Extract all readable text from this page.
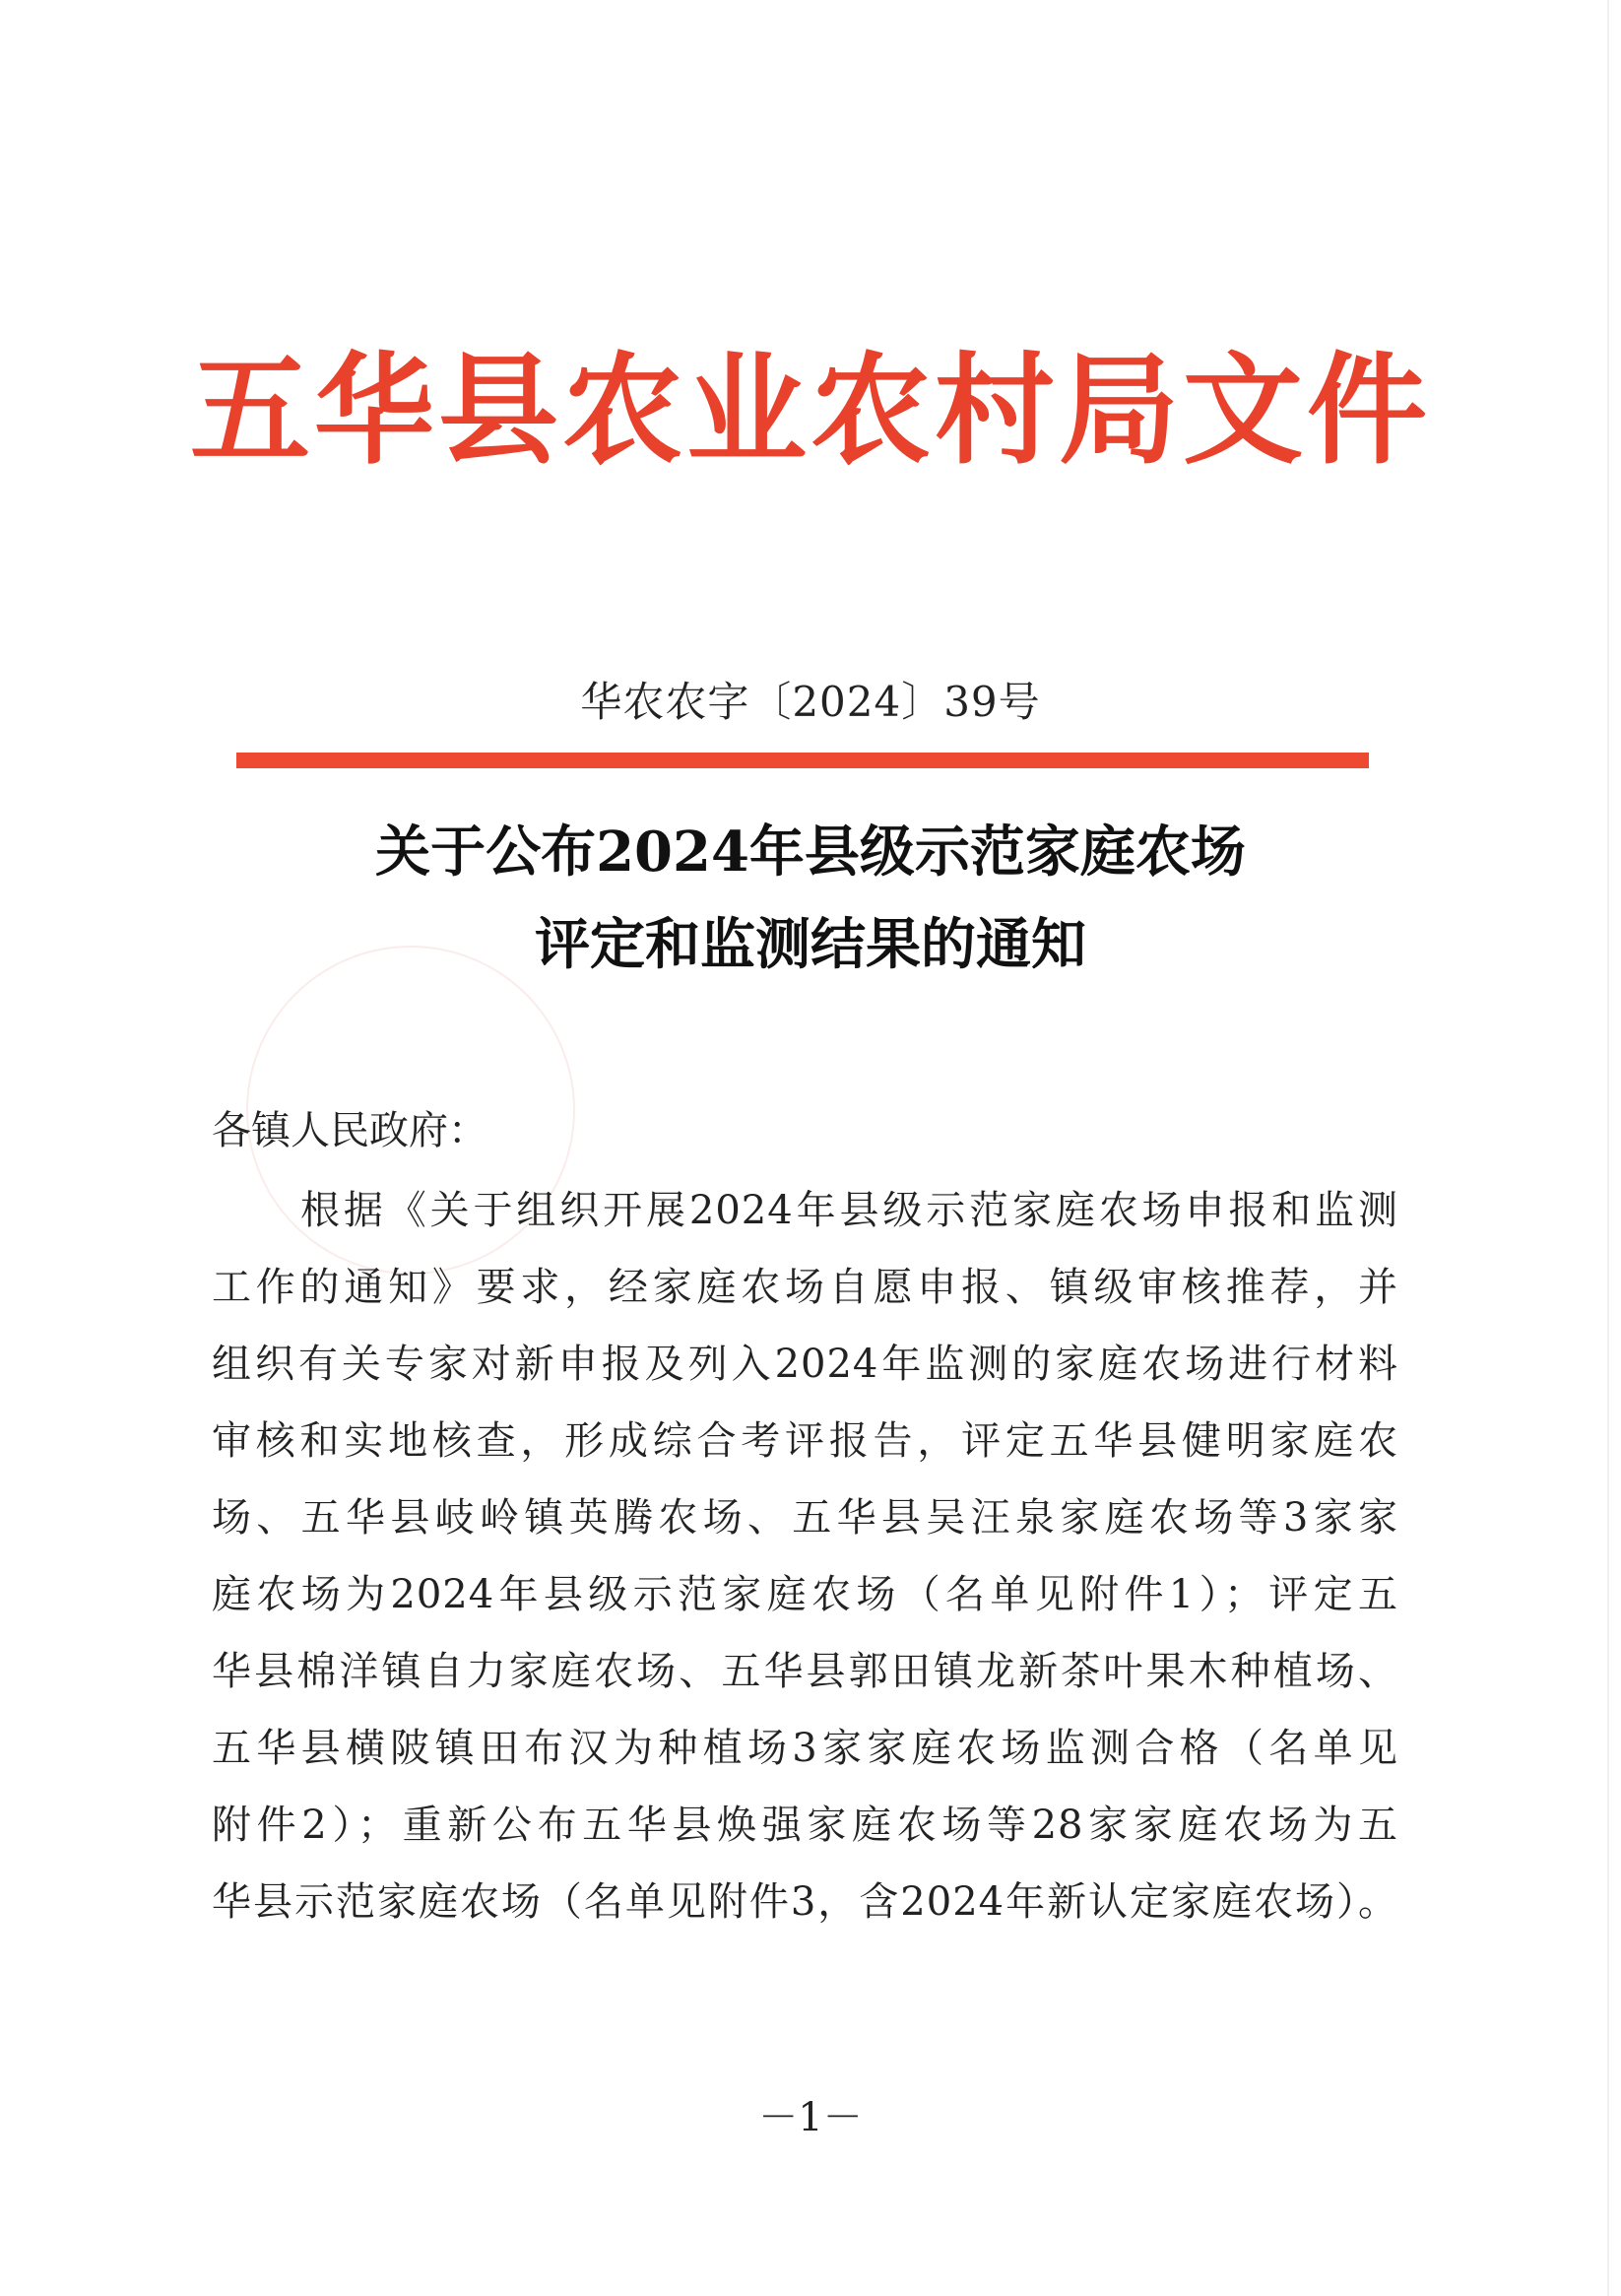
五华县农业农村局文件
华农农字〔2024〕39号
关于公布2024年县级示范家庭农场
评定和监测结果的通知
各镇人民政府：
根据《关于组织开展2024年县级示范家庭农场申报和监测
工作的通知》要求，经家庭农场自愿申报、镇级审核推荐，并
组织有关专家对新申报及列入2024年监测的家庭农场进行材料
审核和实地核查，形成综合考评报告，评定五华县健明家庭农
场、五华县岐岭镇英腾农场、五华县吴汪泉家庭农场等3家家
庭农场为2024年县级示范家庭农场（名单见附件1）；评定五
华县棉洋镇自力家庭农场、五华县郭田镇龙新茶叶果木种植场、
五华县横陂镇田布汉为种植场3家家庭农场监测合格（名单见
附件2）；重新公布五华县焕强家庭农场等28家家庭农场为五
华县示范家庭农场（名单见附件3，含2024年新认定家庭农场）。
－1－
